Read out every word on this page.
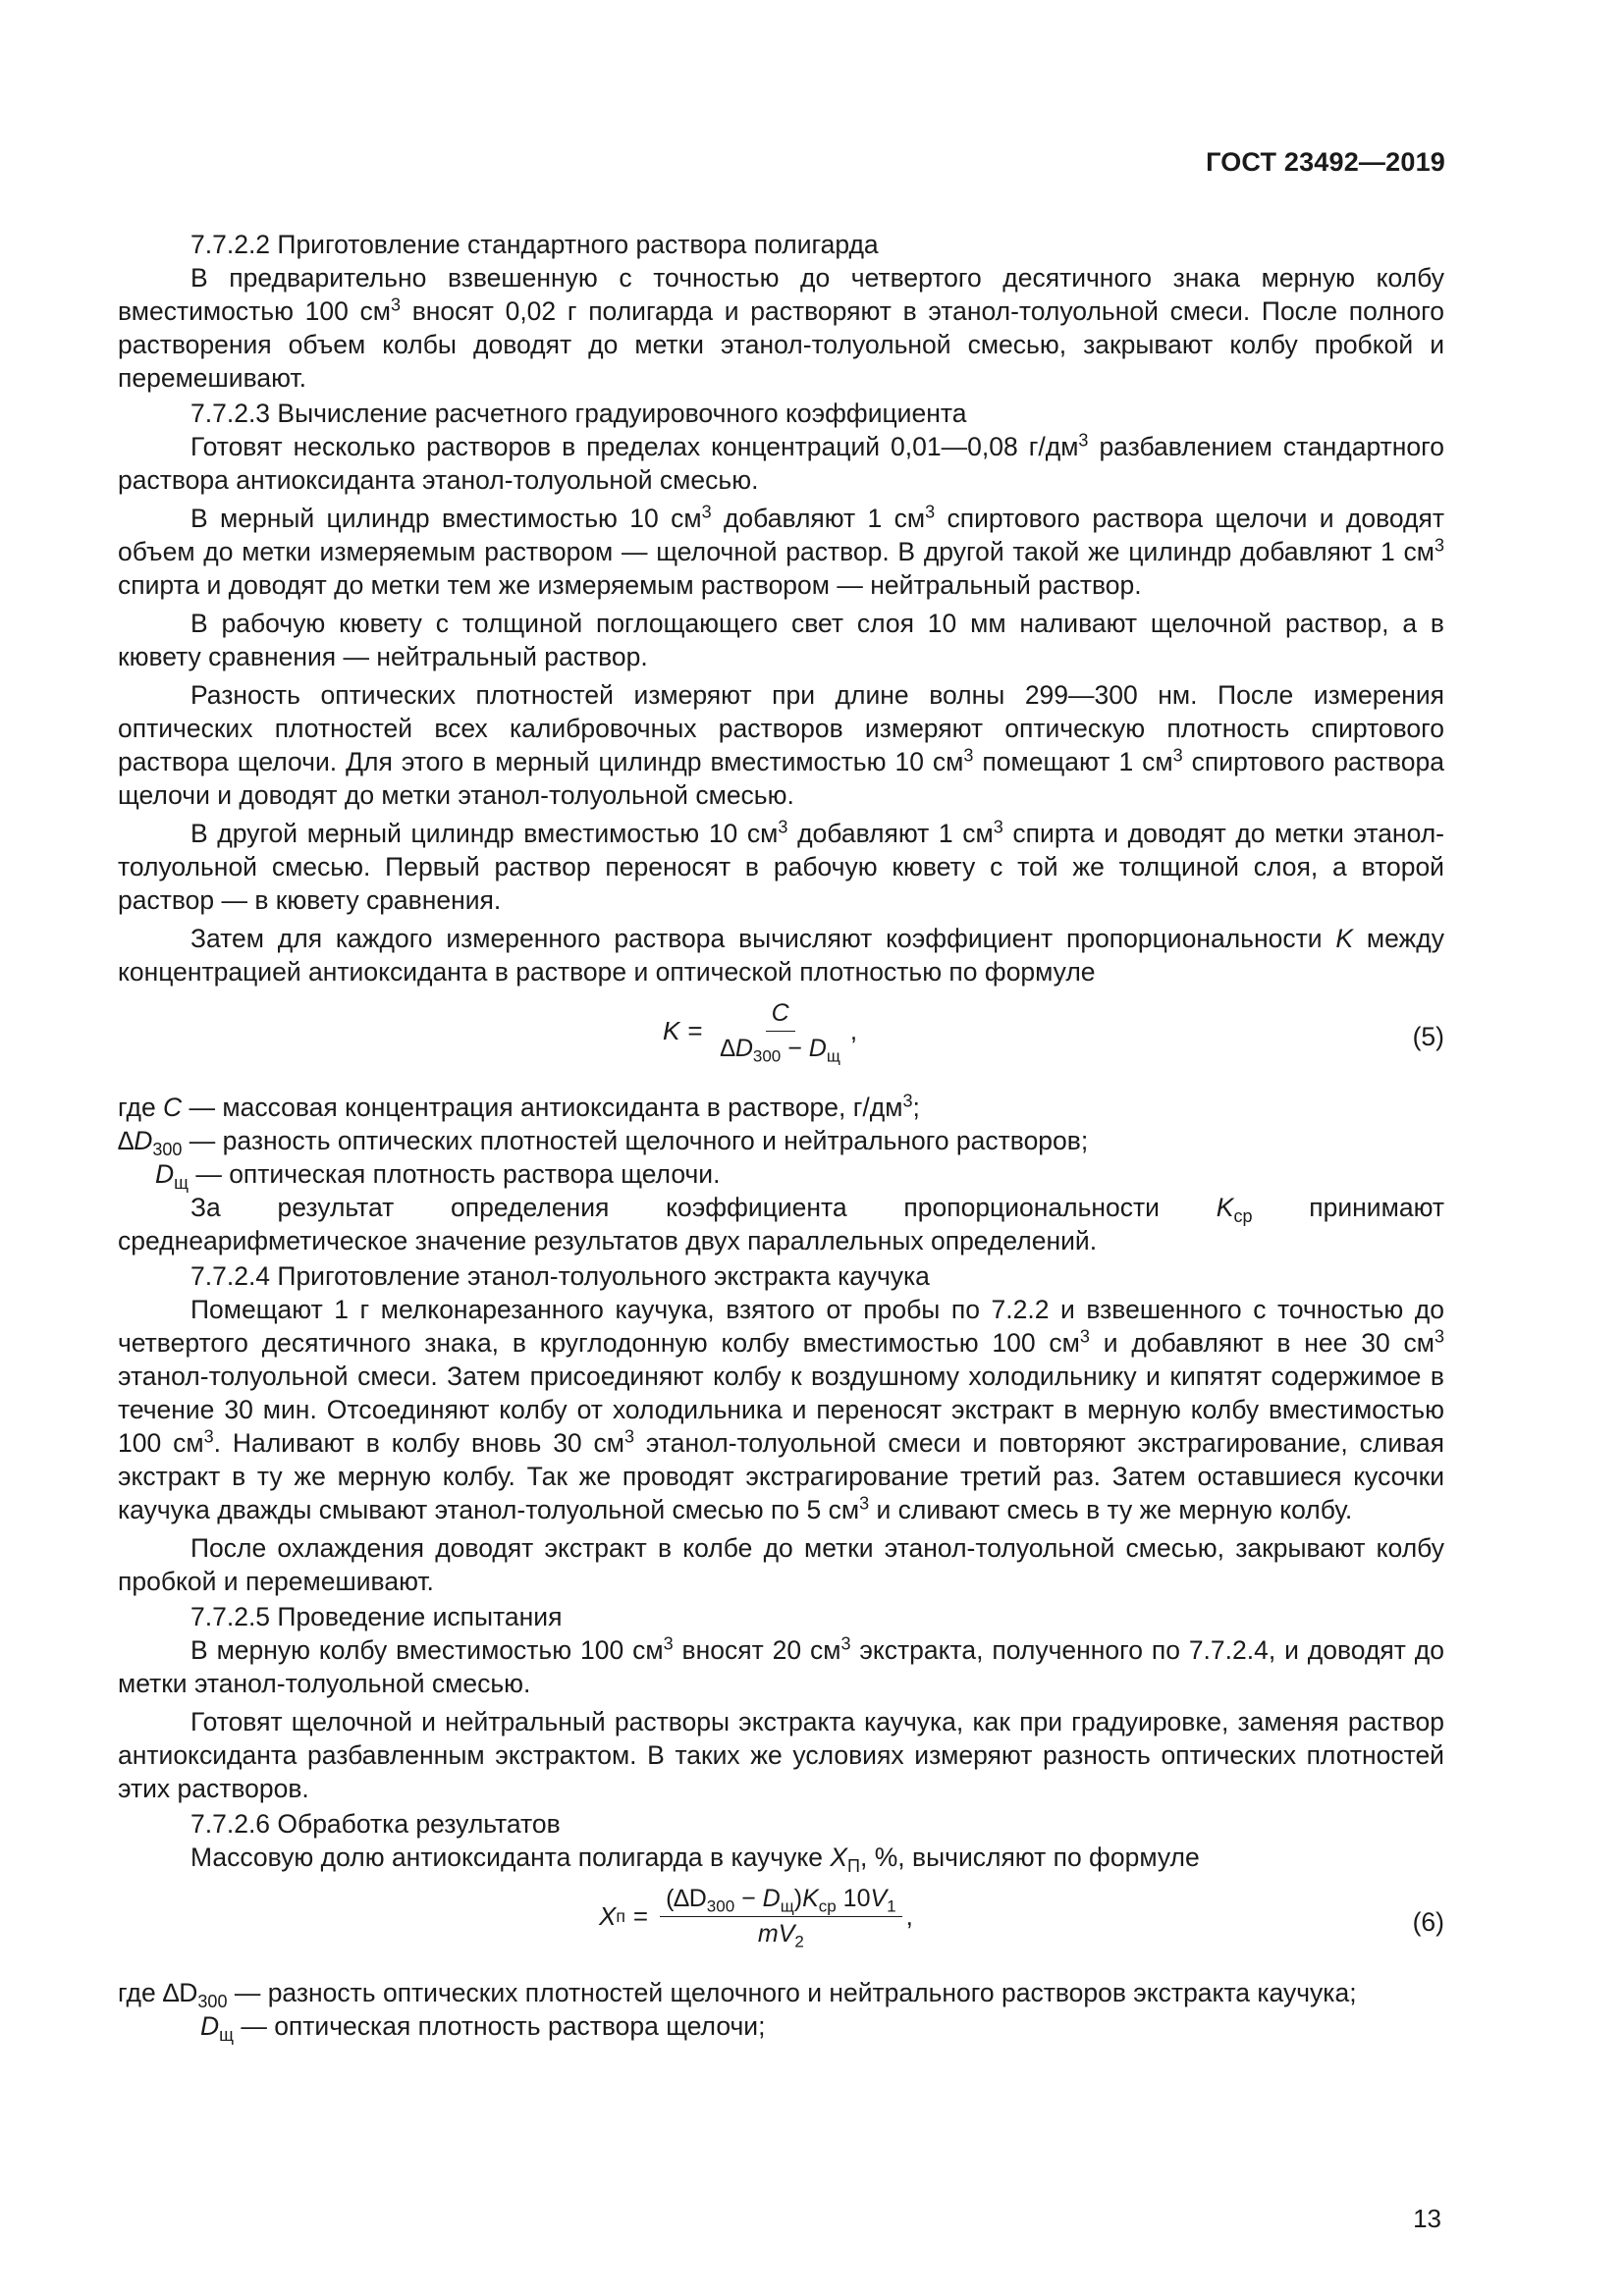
ГОСТ 23492—2019

7.7.2.2 Приготовление стандартного раствора полигарда

В предварительно взвешенную с точностью до четвертого десятичного знака мерную колбу вместимостью 100 $см^3$ вносят 0,02 г полигарда и растворяют в этанол-толуольной смеси. После полного растворения объем колбы доводят до метки этанол-толуольной смесью, закрывают колбу пробкой и перемешивают.

7.7.2.3 Вычисление расчетного градуировочного коэффициента

Готовят несколько растворов в пределах концентраций 0,01—0,08 $г/дм^3$ разбавлением стандартного раствора антиоксиданта этанол-толуольной смесью.

В мерный цилиндр вместимостью 10 $см^3$ добавляют 1 $см^3$ спиртового раствора щелочи и доводят объем до метки измеряемым раствором — щелочной раствор. В другой такой же цилиндр добавляют 1 $см^3$ спирта и доводят до метки тем же измеряемым раствором — нейтральный раствор.

В рабочую кювету с толщиной поглощающего свет слоя 10 мм наливают щелочной раствор, а в кювету сравнения — нейтральный раствор.

Разность оптических плотностей измеряют при длине волны 299—300 нм. После измерения оптических плотностей всех калибровочных растворов измеряют оптическую плотность спиртового раствора щелочи. Для этого в мерный цилиндр вместимостью 10 $см^3$ помещают 1 $см^3$ спиртового раствора щелочи и доводят до метки этанол-толуольной смесью.

В другой мерный цилиндр вместимостью 10 $см^3$ добавляют 1 $см^3$ спирта и доводят до метки этанол-толуольной смесью. Первый раствор переносят в рабочую кювету с той же толщиной слоя, а второй раствор — в кювету сравнения.

Затем для каждого измеренного раствора вычисляют коэффициент пропорциональности K между концентрацией антиоксиданта в растворе и оптической плотностью по формуле

$K = \frac{C}{\Delta D_{300} - D_щ}$ ,	(5)
где C — массовая концентрация антиоксиданта в растворе, $г/дм^3$;
$\Delta D_{300}$ — разность оптических плотностей щелочного и нейтрального растворов;
$D_щ$ — оптическая плотность раствора щелочи.

За результат определения коэффициента пропорциональности $K_{ср}$ принимают среднеарифметическое значение результатов двух параллельных определений.

7.7.2.4 Приготовление этанол-толуольного экстракта каучука

Помещают 1 г мелконарезанного каучука, взятого от пробы по 7.2.2 и взвешенного с точностью до четвертого десятичного знака, в круглодонную колбу вместимостью 100 $см^3$ и добавляют в нее 30 $см^3$ этанол-толуольной смеси. Затем присоединяют колбу к воздушному холодильнику и кипятят содержимое в течение 30 мин. Отсоединяют колбу от холодильника и переносят экстракт в мерную колбу вместимостью 100 $см^3$. Наливают в колбу вновь 30 $см^3$ этанол-толуольной смеси и повторяют экстрагирование, сливая экстракт в ту же мерную колбу. Так же проводят экстрагирование третий раз. Затем оставшиеся кусочки каучука дважды смывают этанол-толуольной смесью по 5 $см^3$ и сливают смесь в ту же мерную колбу.

После охлаждения доводят экстракт в колбе до метки этанол-толуольной смесью, закрывают колбу пробкой и перемешивают.

7.7.2.5 Проведение испытания

В мерную колбу вместимостью 100 $см^3$ вносят 20 $см^3$ экстракта, полученного по 7.7.2.4, и доводят до метки этанол-толуольной смесью.

Готовят щелочной и нейтральный растворы экстракта каучука, как при градуировке, заменяя раствор антиоксиданта разбавленным экстрактом. В таких же условиях измеряют разность оптических плотностей этих растворов.

7.7.2.6 Обработка результатов

Массовую долю антиоксиданта полигарда в каучуке $X_П$, %, вычисляют по формуле

X $п = \frac{(\Delta D_{300} - D_щ)K_{ср} 10V_1}{mV_2}$ ,	(6)
где $\Delta D_{300}$ — разность оптических плотностей щелочного и нейтрального растворов экстракта каучука;
$D_щ$ — оптическая плотность раствора щелочи;
13
